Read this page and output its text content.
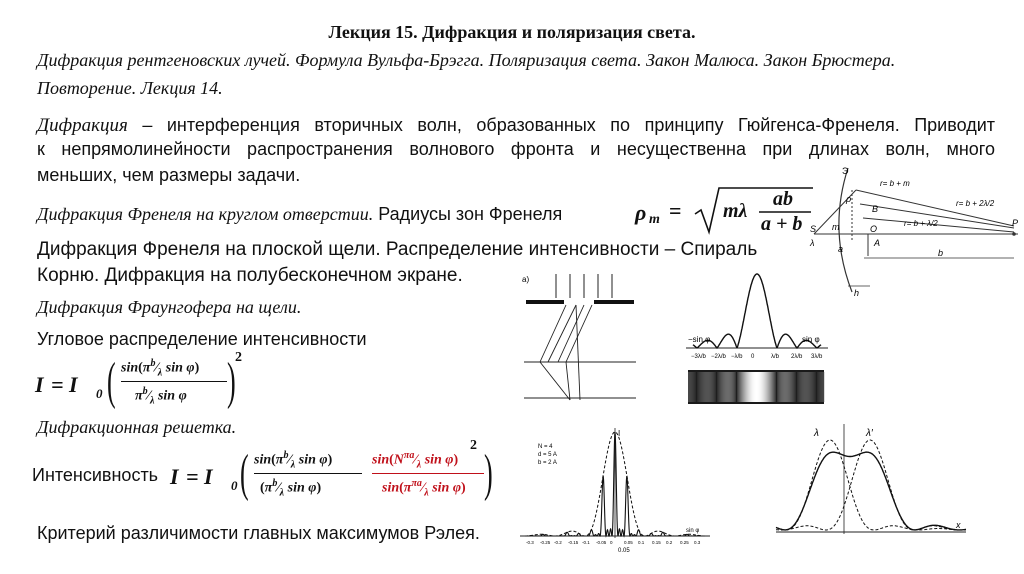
Лекция 15. Дифракция и поляризация света.
Дифракция рентгеновских лучей. Формула Вульфа-Брэгга. Поляризация света. Закон Малюса. Закон Брюстера.
Повторение. Лекция 14.
Дифракция – интерференция вторичных волн, образованных по принципу Гюйгенса-Френеля. Приводит
к непрямолинейности распространения волнового фронта и несущественна при длинах волн, много
меньших, чем размеры задачи.
Дифракция Френеля на круглом отверстии. Радиусы зон Френеля	ρ m = mλ
ab
a + b
Дифракция Френеля на плоской щели. Распределение интенсивности – Спираль
Корню. Дифракция на полубесконечном экране.
Дифракция Фраунгофера на щели.
Угловое распределение интенсивности
I = I 0 ( $\sin(\pi^b⁄_\lambda$ sin φ)
$\pi^b⁄_\lambda$ sin φ ) 2
Дифракционная решетка.
Интенсивность I = I 0 ( $\sin(\pi^b⁄_\lambda$ sin φ)
($\pi^b⁄_\lambda$ sin φ)
$\sin(N^{\pi a}⁄_\lambda$ sin φ)
$\sin(\pi^{\pi a}⁄_\lambda$ sin φ) )
2
Критерий различимости главных максимумов Рэлея.
Э
ρ
m
S
λ
a
O
A
B
b
P
h
r= b + m
r= b + 2λ/2
r= b + λ/2
а)
−sin φ	sin φ
−3λ/b −2λ/b −λ/b 0	λ/b 2λ/b 3λ/b
I
N = 4
d = 5 A
b = 2 A
sin φ
0.05
-0.3 -0.25 -0.2 -0.15 -0.1 -0.05 0	0.05 0.1 0.15 0.2 0.25 0.3
λ	λ′
x
